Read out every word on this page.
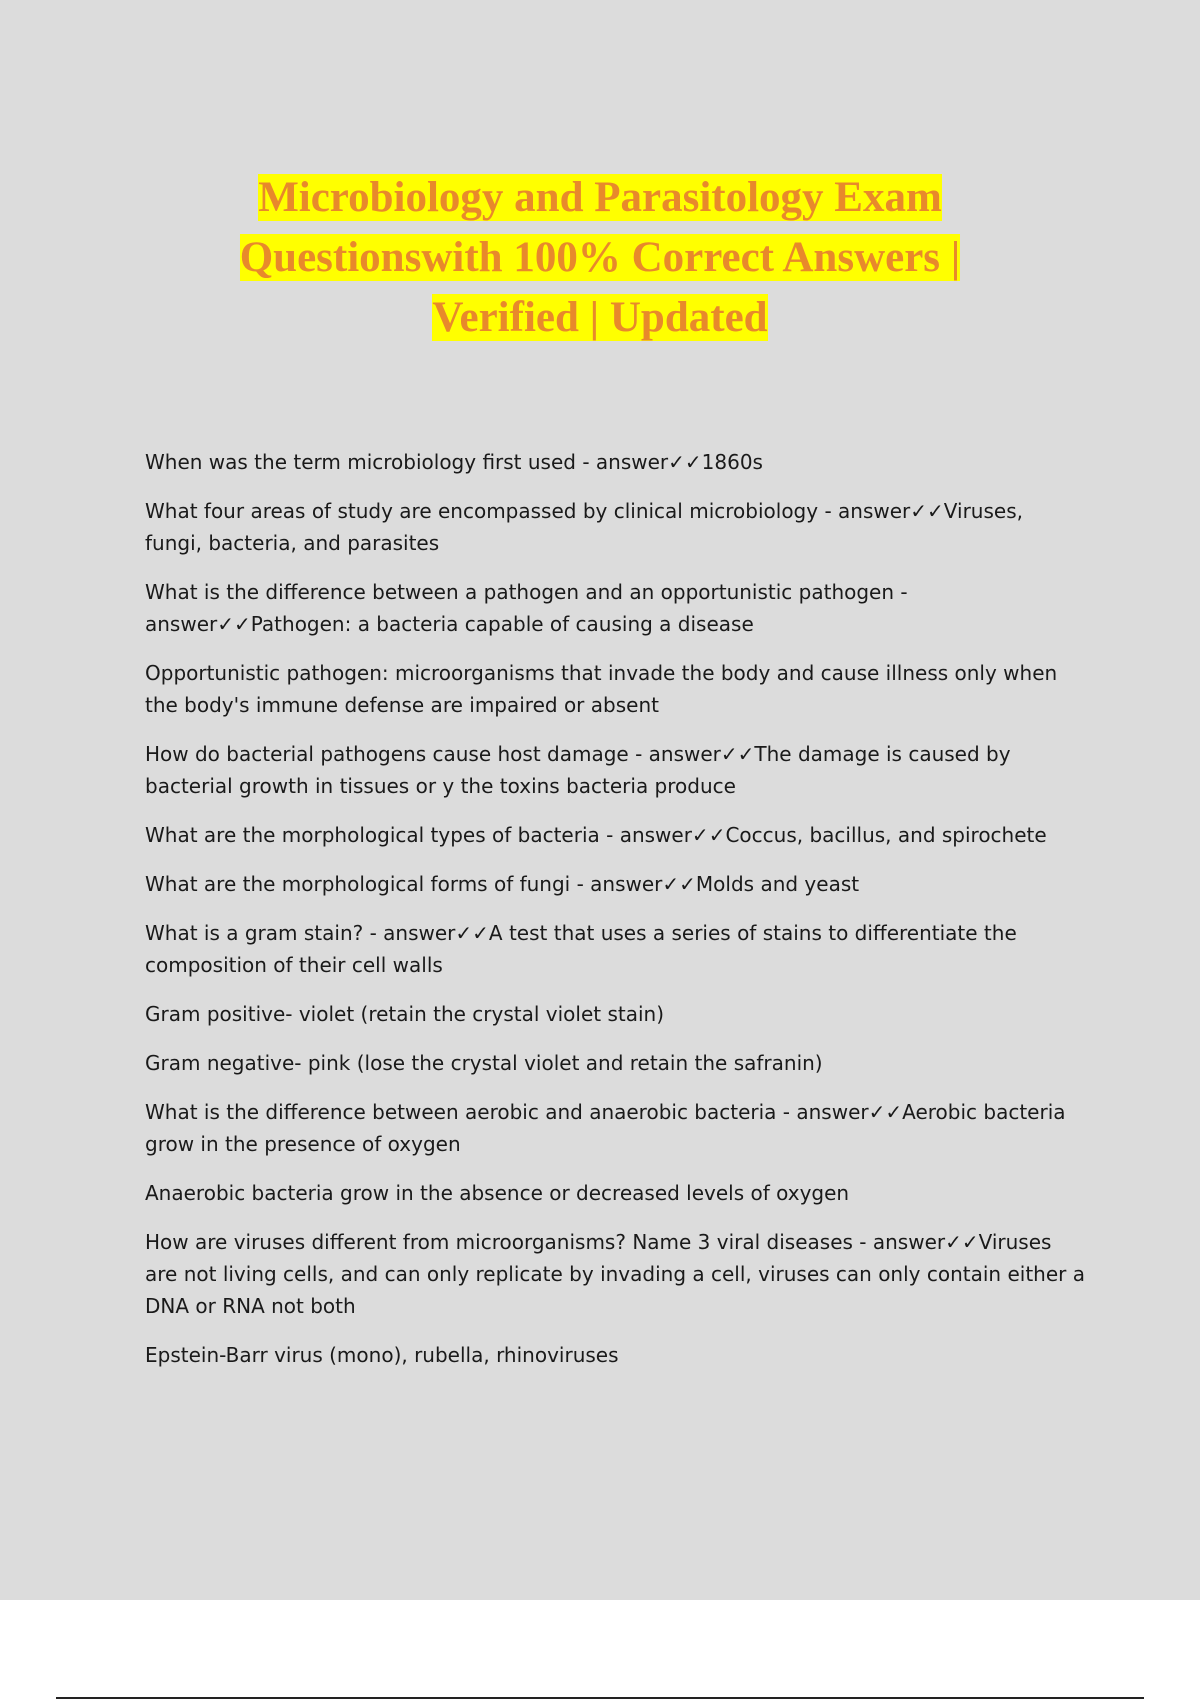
Microbiology and Parasitology Exam
Questionswith 100% Correct Answers |
Verified | Updated

When was the term microbiology first used - answer✓✓1860s

What four areas of study are encompassed by clinical microbiology - answer✓✓Viruses, fungi, bacteria, and parasites

What is the difference between a pathogen and an opportunistic pathogen - answer✓✓Pathogen: a bacteria capable of causing a disease

Opportunistic pathogen: microorganisms that invade the body and cause illness only when the body's immune defense are impaired or absent

How do bacterial pathogens cause host damage - answer✓✓The damage is caused by bacterial growth in tissues or y the toxins bacteria produce

What are the morphological types of bacteria - answer✓✓Coccus, bacillus, and spirochete

What are the morphological forms of fungi - answer✓✓Molds and yeast

What is a gram stain? - answer✓✓A test that uses a series of stains to differentiate the composition of their cell walls

Gram positive- violet (retain the crystal violet stain)

Gram negative- pink (lose the crystal violet and retain the safranin)

What is the difference between aerobic and anaerobic bacteria - answer✓✓Aerobic bacteria grow in the presence of oxygen

Anaerobic bacteria grow in the absence or decreased levels of oxygen

How are viruses different from microorganisms? Name 3 viral diseases - answer✓✓Viruses are not living cells, and can only replicate by invading a cell, viruses can only contain either a DNA or RNA not both

Epstein-Barr virus (mono), rubella, rhinoviruses
